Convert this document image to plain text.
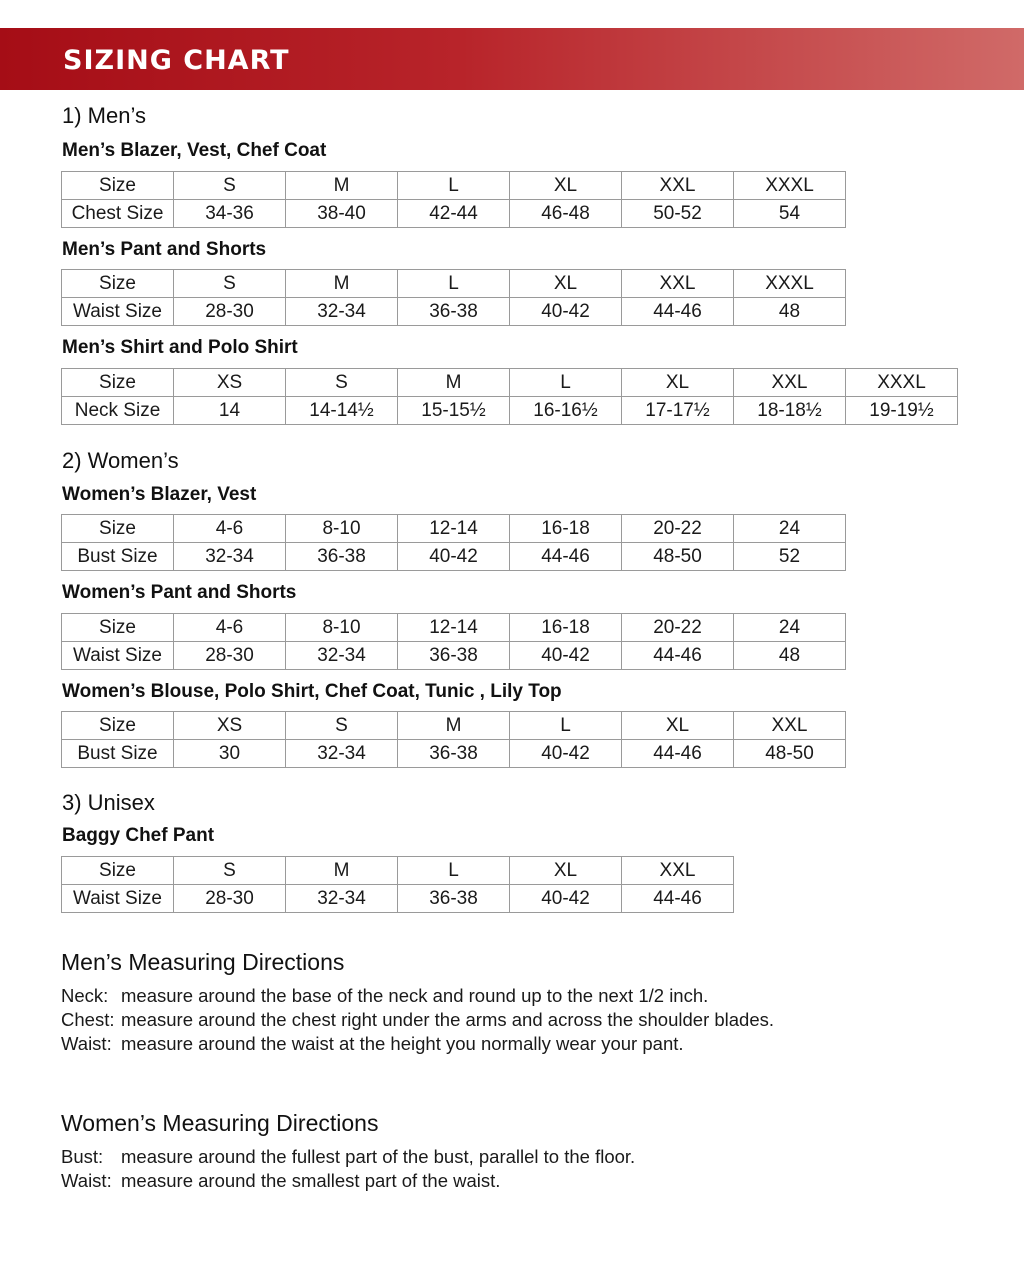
SIZING CHART
1) Men’s
Men’s Blazer, Vest, Chef Coat
Size	S	M	L	XL	XXL	XXXL
Chest Size	34-36	38-40	42-44	46-48	50-52	54
Men’s Pant and Shorts
Size	S	M	L	XL	XXL	XXXL
Waist Size	28-30	32-34	36-38	40-42	44-46	48
Men’s Shirt and Polo Shirt
Size	XS	S	M	L	XL	XXL	XXXL
Neck Size	14	14-14½	15-15½	16-16½	17-17½	18-18½	19-19½
2) Women’s
Women’s Blazer, Vest
Size	4-6	8-10	12-14	16-18	20-22	24
Bust Size	32-34	36-38	40-42	44-46	48-50	52
Women’s Pant and Shorts
Size	4-6	8-10	12-14	16-18	20-22	24
Waist Size	28-30	32-34	36-38	40-42	44-46	48
Women’s Blouse, Polo Shirt, Chef Coat, Tunic , Lily Top
Size	XS	S	M	L	XL	XXL
Bust Size	30	32-34	36-38	40-42	44-46	48-50
3) Unisex
Baggy Chef Pant
Size	S	M	L	XL	XXL
Waist Size	28-30	32-34	36-38	40-42	44-46
Men’s Measuring Directions
Neck: measure around the base of the neck and round up to the next 1/2 inch.
Chest: measure around the chest right under the arms and across the shoulder blades.
Waist: measure around the waist at the height you normally wear your pant.
Women’s Measuring Directions
Bust: measure around the fullest part of the bust, parallel to the floor.
Waist: measure around the smallest part of the waist.
